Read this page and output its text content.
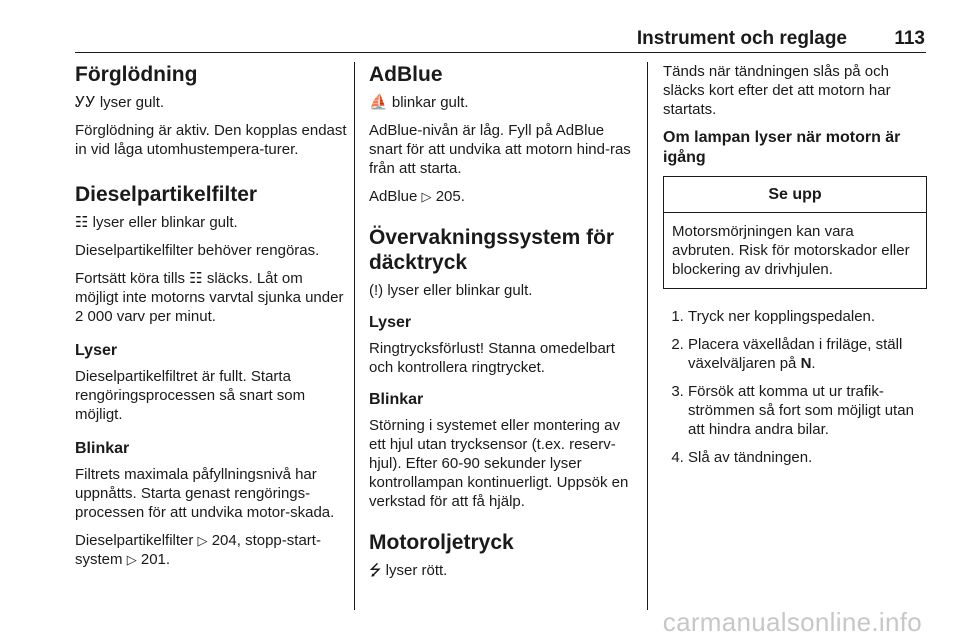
Instrument och reglage 113
Förglödning

ᎩᎩ lyser gult.

Förglödning är aktiv. Den kopplas endast in vid låga utomhustempera-turer.

Dieselpartikelfilter

☷ lyser eller blinkar gult.

Dieselpartikelfilter behöver rengöras.

Fortsätt köra tills ☷ släcks. Låt om möjligt inte motorns varvtal sjunka under 2 000 varv per minut.

Lyser

Dieselpartikelfiltret är fullt. Starta rengöringsprocessen så snart som möjligt.

Blinkar

Filtrets maximala påfyllningsnivå har uppnåtts. Starta genast rengörings-processen för att undvika motor-skada.

Dieselpartikelfilter ▷ 204, stopp-start-system ▷ 201.

AdBlue

⛵ blinkar gult.

AdBlue-nivån är låg. Fyll på AdBlue snart för att undvika att motorn hind-ras från att starta.

AdBlue ▷ 205.

Övervakningssystem för däcktryck

(!) lyser eller blinkar gult.

Lyser

Ringtrycksförlust! Stanna omedelbart och kontrollera ringtrycket.

Blinkar

Störning i systemet eller montering av ett hjul utan trycksensor (t.ex. reserv-hjul). Efter 60-90 sekunder lyser kontrollampan kontinuerligt. Uppsök en verkstad för att få hjälp.

Motoroljetryck

⭍ lyser rött.

Tänds när tändningen slås på och släcks kort efter det att motorn har startats.

Om lampan lyser när motorn är igång
Se upp
Motorsmörjningen kan vara avbruten. Risk för motorskador eller blockering av drivhjulen.
1. Tryck ner kopplingspedalen.
2. Placera växellådan i friläge, ställ växelväljaren på N.
3. Försök att komma ut ur trafik-strömmen så fort som möjligt utan att hindra andra bilar.
4. Slå av tändningen.
carmanualsonline.info
